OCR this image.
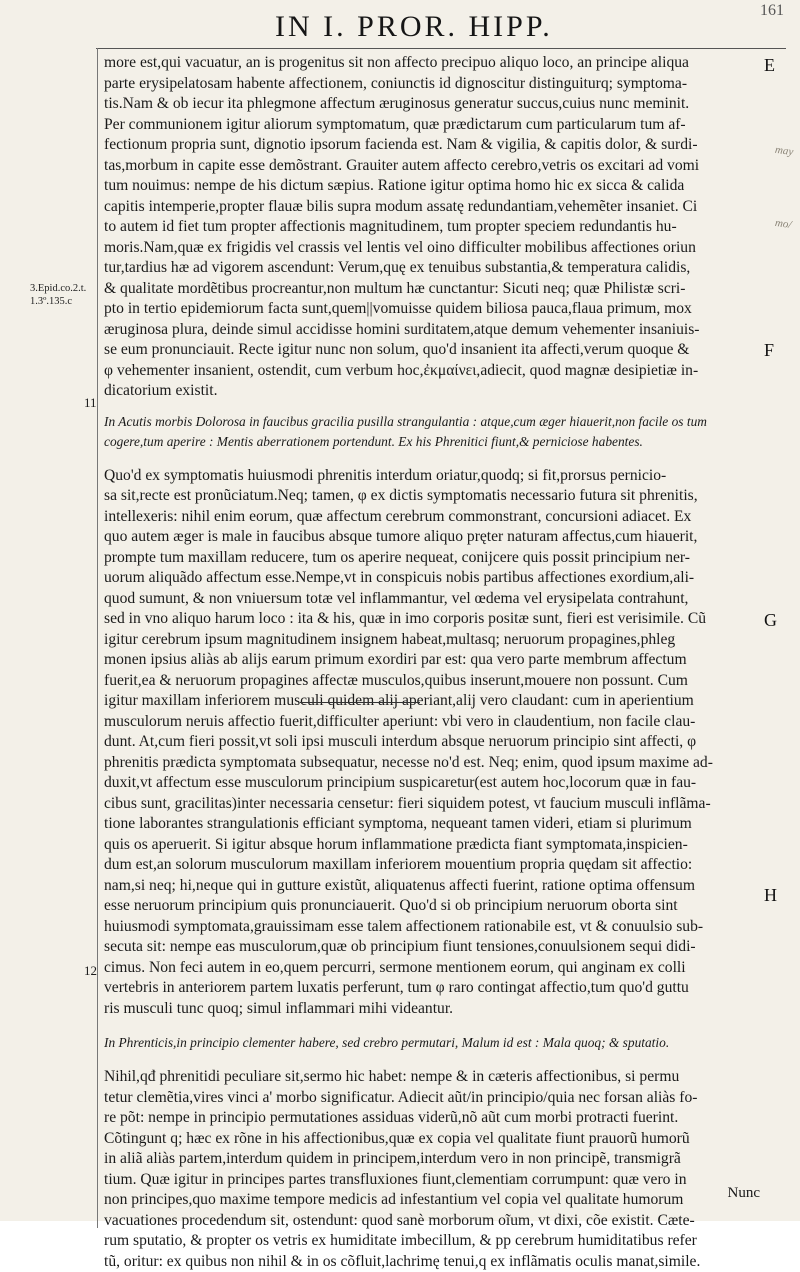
IN I. PROR. HIPP.	161
3.Epid.co.2.t.
1.3º.135.c
may
mo/
11
12
E
F
G
H
more est,qui vacuatur, an is progenitus sit non affecto precipuo aliquo loco, an principe aliqua
parte erysipelatosam habente affectionem, coniunctis id dignoscitur distinguiturq; symptoma-
tis.Nam & ob iecur ita phlegmone affectum æruginosus generatur succus,cuius nunc meminit.
Per communionem igitur aliorum symptomatum, quæ prædictarum cum particularum tum af-
fectionum propria sunt, dignotio ipsorum facienda est. Nam & vigilia, & capitis dolor, & surdi-
tas,morbum in capite esse demõstrant. Grauiter autem affecto cerebro,vetris os excitari ad vomi
tum nouimus: nempe de his dictum sæpius. Ratione igitur optima homo hic ex sicca & calida
capitis intemperie,propter flauæ bilis supra modum assatę redundantiam,vehemẽter insaniet. Ci
to autem id fiet tum propter affectionis magnitudinem, tum propter speciem redundantis hu-
moris.Nam,quæ ex frigidis vel crassis vel lentis vel oino difficulter mobilibus affectiones oriun
tur,tardius hæ ad vigorem ascendunt: Verum,quę ex tenuibus substantia,& temperatura calidis,
& qualitate mordẽtibus procreantur,non multum hæ cunctantur: Sicuti neq; quæ Philistæ scri-
pto in tertio epidemiorum facta sunt,quem||vomuisse quidem biliosa pauca,flaua primum, mox
æruginosa plura, deinde simul accidisse homini surditatem,atque demum vehementer insaniuis-
se eum pronunciauit. Recte igitur nunc non solum, quo'd insanient ita affecti,verum quoque &
φ vehementer insanient, ostendit, cum verbum hoc,ἐκμαίνει,adiecit, quod magnæ desipietiæ in-
dicatorium existit.
In Acutis morbis Dolorosa in faucibus gracilia pusilla strangulantia : atque,cum æger hiauerit,non facile os tum
cogere,tum aperire : Mentis aberrationem portendunt. Ex his Phrenitici fiunt,& perniciose habentes.
Quo'd ex symptomatis huiusmodi phrenitis interdum oriatur,quodq; si fit,prorsus pernicio-
sa sit,recte est pronũciatum.Neq; tamen, φ ex dictis symptomatis necessario futura sit phrenitis,
intellexeris: nihil enim eorum, quæ affectum cerebrum commonstrant, concursioni adiacet. Ex
quo autem æger is male in faucibus absque tumore aliquo pręter naturam affectus,cum hiauerit,
prompte tum maxillam reducere, tum os aperire nequeat, conijcere quis possit principium ner-
uorum aliquãdo affectum esse.Nempe,vt in conspicuis nobis partibus affectiones exordium,ali-
quod sumunt, & non vniuersum totæ vel inflammantur, vel œdema vel erysipelata contrahunt,
sed in vno aliquo harum loco : ita & his, quæ in imo corporis positæ sunt, fieri est verisimile. Cũ
igitur cerebrum ipsum magnitudinem insignem habeat,multasq; neruorum propagines,phleg
monen ipsius aliàs ab alijs earum primum exordiri par est: qua vero parte membrum affectum
fuerit,ea & neruorum propagines affectæ musculos,quibus inserunt,mouere non possunt. Cum
igitur maxillam inferiorem musculi quidem alij aperiant,alij vero claudant: cum in aperientium
musculorum neruis affectio fuerit,difficulter aperiunt: vbi vero in claudentium, non facile clau-
dunt. At,cum fieri possit,vt soli ipsi musculi interdum absque neruorum principio sint affecti, φ
phrenitis prædicta symptomata subsequatur, necesse no'd est. Neq; enim, quod ipsum maxime ad-
duxit,vt affectum esse musculorum principium suspicaretur(est autem hoc,locorum quæ in fau-
cibus sunt, gracilitas)inter necessaria censetur: fieri siquidem potest, vt faucium musculi inflãma-
tione laborantes strangulationis efficiant symptoma, nequeant tamen videri, etiam si plurimum
quis os aperuerit. Si igitur absque horum inflammatione prædicta fiant symptomata,inspicien-
dum est,an solorum musculorum maxillam inferiorem mouentium propria quędam sit affectio:
nam,si neq; hi,neque qui in gutture existũt, aliquatenus affecti fuerint, ratione optima offensum
esse neruorum principium quis pronunciauerit. Quo'd si ob principium neruorum oborta sint
huiusmodi symptomata,grauissimam esse talem affectionem rationabile est, vt & conuulsio sub-
secuta sit: nempe eas musculorum,quæ ob principium fiunt tensiones,conuulsionem sequi didi-
cimus. Non feci autem in eo,quem percurri, sermone mentionem eorum, qui anginam ex colli
vertebris in anteriorem partem luxatis perferunt, tum φ raro contingat affectio,tum quo'd guttu
ris musculi tunc quoq; simul inflammari mihi videantur.
In Phrenticis,in principio clementer habere, sed crebro permutari, Malum id est : Mala quoq; & sputatio.
Nihil,qđ phrenitidi peculiare sit,sermo hic habet: nempe & in cæteris affectionibus, si permu
tetur clemẽtia,vires vinci a' morbo significatur. Adiecit aũt/in principio/quia nec forsan aliàs fo-
re põt: nempe in principio permutationes assiduas viderũ,nõ aũt cum morbi protracti fuerint.
Cõtingunt q; hæc ex rõne in his affectionibus,quæ ex copia vel qualitate fiunt prauorũ humorũ
in aliã aliàs partem,interdum quidem in principem,interdum vero in non principẽ, transmigrã
tium. Quæ igitur in principes partes transfluxiones fiunt,clementiam corrumpunt: quæ vero in
non principes,quo maxime tempore medicis ad infestantium vel copia vel qualitate humorum
vacuationes procedendum sit, ostendunt: quod sanè morborum oĩum, vt dixi, cõe existit. Cæte-
rum sputatio, & propter os vetris ex humiditate imbecillum, & pp cerebrum humiditatibus refer
tũ, oritur: ex quibus non nihil & in os cõfluit,lachrimę tenui,q ex inflãmatis oculis manat,simile.
Nunc
